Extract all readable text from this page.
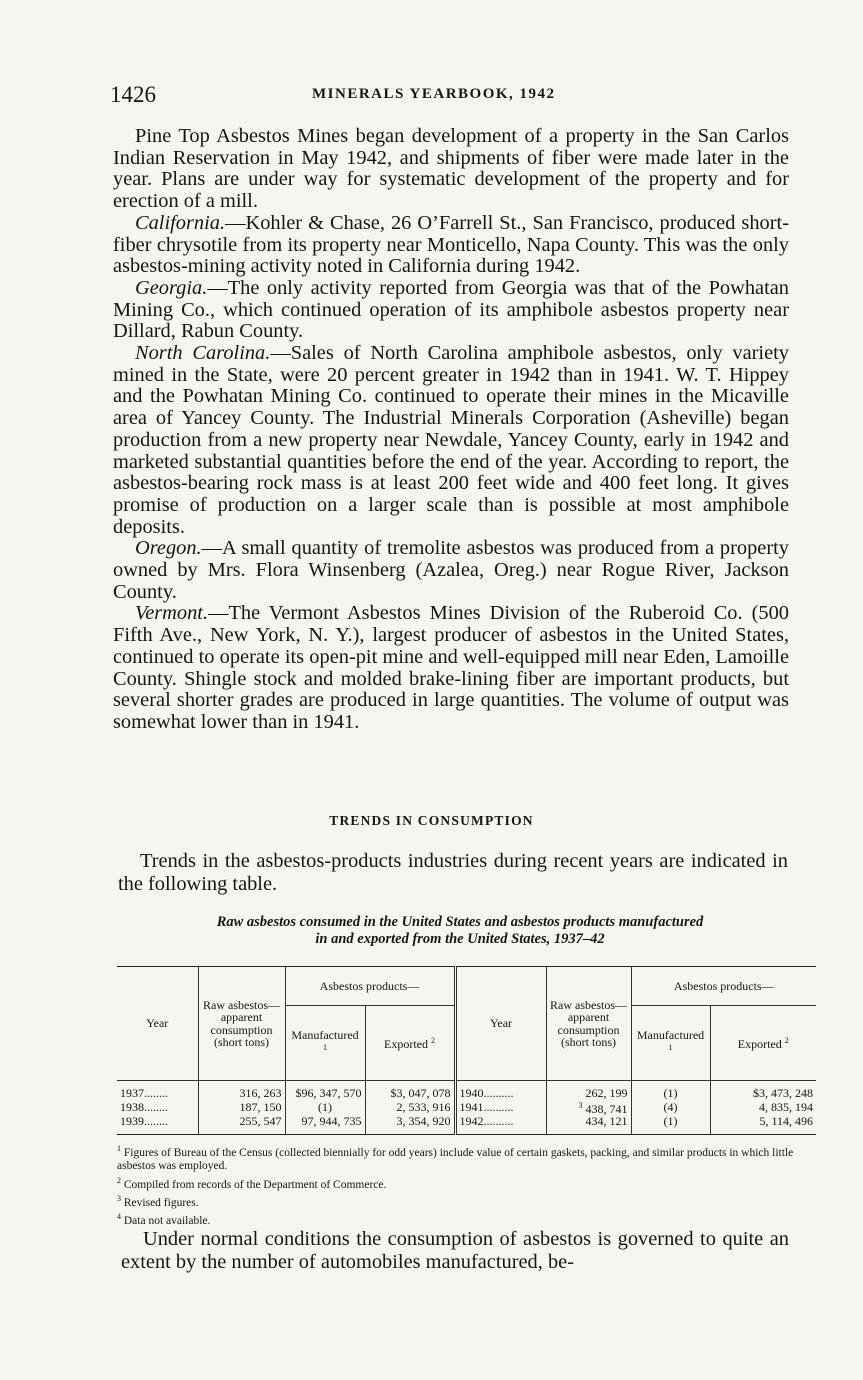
1426	MINERALS YEARBOOK, 1942

Pine Top Asbestos Mines began development of a property in the San Carlos Indian Reservation in May 1942, and shipments of fiber were made later in the year. Plans are under way for systematic development of the property and for erection of a mill.

California.—Kohler & Chase, 26 O’Farrell St., San Francisco, produced short-fiber chrysotile from its property near Monticello, Napa County. This was the only asbestos-mining activity noted in California during 1942.

Georgia.—The only activity reported from Georgia was that of the Powhatan Mining Co., which continued operation of its amphibole asbestos property near Dillard, Rabun County.

North Carolina.—Sales of North Carolina amphibole asbestos, only variety mined in the State, were 20 percent greater in 1942 than in 1941. W. T. Hippey and the Powhatan Mining Co. continued to operate their mines in the Micaville area of Yancey County. The Industrial Minerals Corporation (Asheville) began production from a new property near Newdale, Yancey County, early in 1942 and marketed substantial quantities before the end of the year. According to report, the asbestos-bearing rock mass is at least 200 feet wide and 400 feet long. It gives promise of production on a larger scale than is possible at most amphibole deposits.

Oregon.—A small quantity of tremolite asbestos was produced from a property owned by Mrs. Flora Winsenberg (Azalea, Oreg.) near Rogue River, Jackson County.

Vermont.—The Vermont Asbestos Mines Division of the Ruberoid Co. (500 Fifth Ave., New York, N. Y.), largest producer of asbestos in the United States, continued to operate its open-pit mine and well-equipped mill near Eden, Lamoille County. Shingle stock and molded brake-lining fiber are important products, but several shorter grades are produced in large quantities. The volume of output was somewhat lower than in 1941.

TRENDS IN CONSUMPTION

Trends in the asbestos-products industries during recent years are indicated in the following table.

Raw asbestos consumed in the United States and asbestos products manufactured
in and exported from the United States, 1937–42
Year	Raw asbestos—apparent consumption (short tons)	Asbestos products—		Year	Raw asbestos—apparent consumption (short tons)	Asbestos products—	
		Manufactured $^1$	Exported $^2$			Manufactured $^1$	Exported $^2$

1937........	316, 263	$96, 347, 570	$3, 047, 078	1940..........	262, 199	(1)	$3, 473, 248
1938........	187, 150	(1)	2, 533, 916	1941..........	$^3$ 438, 741	(4)	4, 835, 194
1939........	255, 547	97, 944, 735	3, 354, 920	1942..........	434, 121	(1)	5, 114, 496

$^1$ Figures of Bureau of the Census (collected biennially for odd years) include value of certain gaskets, packing, and similar products in which little asbestos was employed.

$^2$ Compiled from records of the Department of Commerce.

$^3$ Revised figures.

$^4$ Data not available.

Under normal conditions the consumption of asbestos is governed to quite an extent by the number of automobiles manufactured, be-
